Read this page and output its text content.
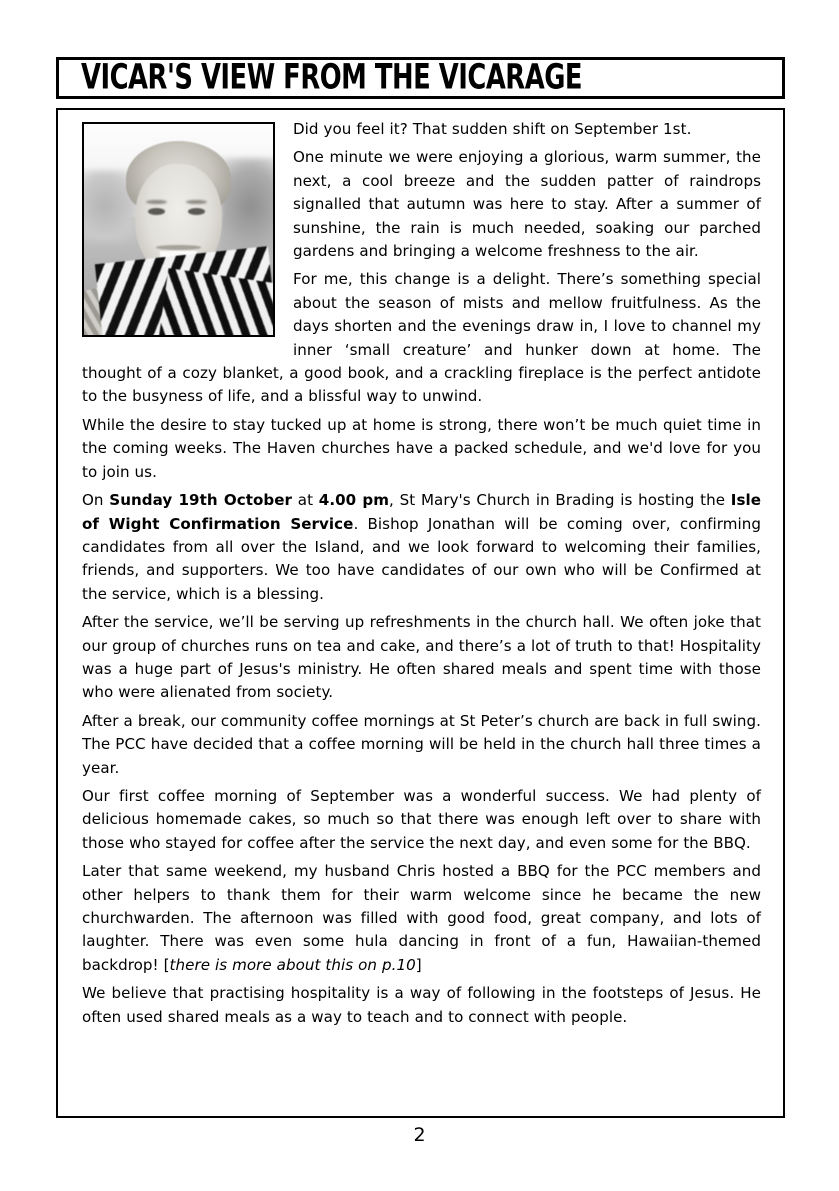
VICAR'S VIEW FROM THE VICARAGE

Did you feel it? That sudden shift on September 1st.

One minute we were enjoying a glorious, warm summer, the next, a cool breeze and the sudden patter of raindrops signalled that autumn was here to stay. After a summer of sunshine, the rain is much needed, soaking our parched gardens and bringing a welcome freshness to the air.

For me, this change is a delight. There’s something special about the season of mists and mellow fruitfulness. As the days shorten and the evenings draw in, I love to channel my inner ‘small creature’ and hunker down at home. The thought of a cozy blanket, a good book, and a crackling fireplace is the perfect antidote to the busyness of life, and a blissful way to unwind.

While the desire to stay tucked up at home is strong, there won’t be much quiet time in the coming weeks. The Haven churches have a packed schedule, and we'd love for you to join us.

On Sunday 19th October at 4.00 pm, St Mary's Church in Brading is hosting the Isle of Wight Confirmation Service. Bishop Jonathan will be coming over, confirming candidates from all over the Island, and we look forward to welcoming their families, friends, and supporters. We too have candidates of our own who will be Confirmed at the service, which is a blessing.

After the service, we’ll be serving up refreshments in the church hall. We often joke that our group of churches runs on tea and cake, and there’s a lot of truth to that! Hospitality was a huge part of Jesus's ministry. He often shared meals and spent time with those who were alienated from society.

After a break, our community coffee mornings at St Peter’s church are back in full swing. The PCC have decided that a coffee morning will be held in the church hall three times a year.

Our first coffee morning of September was a wonderful success. We had plenty of delicious homemade cakes, so much so that there was enough left over to share with those who stayed for coffee after the service the next day, and even some for the BBQ.

Later that same weekend, my husband Chris hosted a BBQ for the PCC members and other helpers to thank them for their warm welcome since he became the new churchwarden. The afternoon was filled with good food, great company, and lots of laughter. There was even some hula dancing in front of a fun, Hawaiian-themed backdrop! [there is more about this on p.10]

We believe that practising hospitality is a way of following in the footsteps of Jesus. He often used shared meals as a way to teach and to connect with people.

2
